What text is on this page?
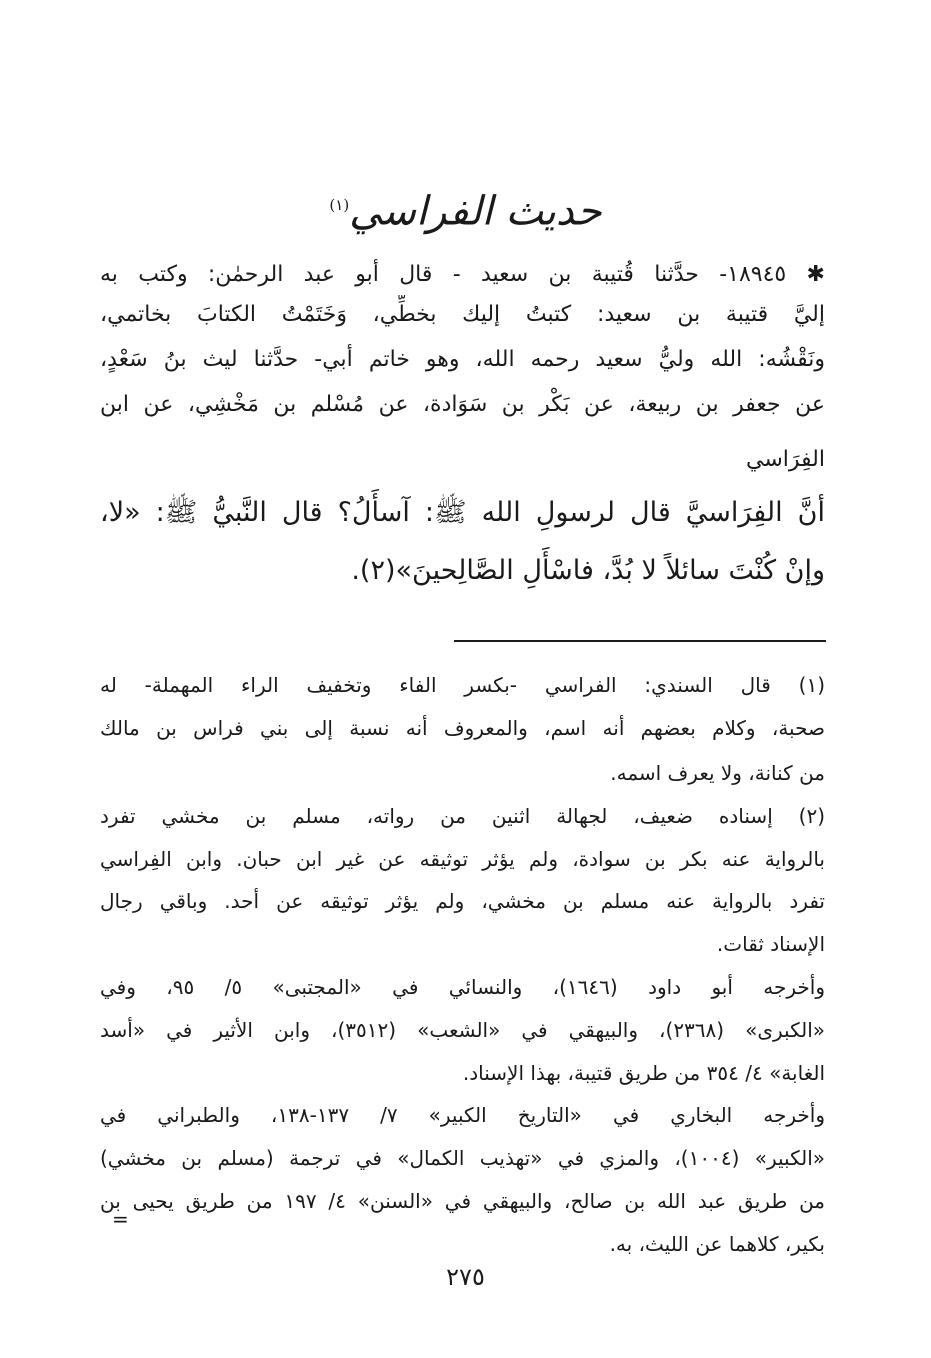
حديث الفراسي$^{(١)}$
✱ ١٨٩٤٥- حدَّثنا قُتيبة بن سعيد - قال أبو عبد الرحمٰن: وكتب به
إليَّ قتيبة بن سعيد: كتبتُ إليك بخطِّي، وَخَتَمْتُ الكتابَ بخاتمي،
ونَقْشُه: الله وليُّ سعيد رحمه الله، وهو خاتم أبي- حدَّثنا ليث بنُ سَعْدٍ،
عن جعفر بن ربيعة، عن بَكْر بن سَوَادة، عن مُسْلم بن مَخْشِي، عن ابن
الفِرَاسي
أنَّ الفِرَاسيَّ قال لرسولِ الله ﷺ: آسأَلُ؟ قال النَّبيُّ ﷺ: «لا،
وإنْ كُنْتَ سائلاً لا بُدَّ، فاسْأَلِ الصَّالِحينَ»(٢).
(١) قال السندي: الفراسي -بكسر الفاء وتخفيف الراء المهملة- له
صحبة، وكلام بعضهم أنه اسم، والمعروف أنه نسبة إلى بني فراس بن مالك
من كنانة، ولا يعرف اسمه.
(٢) إسناده ضعيف، لجهالة اثنين من رواته، مسلم بن مخشي تفرد
بالرواية عنه بكر بن سوادة، ولم يؤثر توثيقه عن غير ابن حبان. وابن الفِراسي
تفرد بالرواية عنه مسلم بن مخشي، ولم يؤثر توثيقه عن أحد. وباقي رجال
الإسناد ثقات.
وأخرجه أبو داود (١٦٤٦)، والنسائي في «المجتبى» ٥/ ٩٥، وفي
«الكبرى» (٢٣٦٨)، والبيهقي في «الشعب» (٣٥١٢)، وابن الأثير في «أسد
الغابة» ٤/ ٣٥٤ من طريق قتيبة، بهذا الإسناد.
وأخرجه البخاري في «التاريخ الكبير» ٧/ ١٣٧-١٣٨، والطبراني في
«الكبير» (١٠٠٤)، والمزي في «تهذيب الكمال» في ترجمة (مسلم بن مخشي)
من طريق عبد الله بن صالح، والبيهقي في «السنن» ٤/ ١٩٧ من طريق يحيى بن
بكير، كلاهما عن الليث، به.
=
٢٧٥
